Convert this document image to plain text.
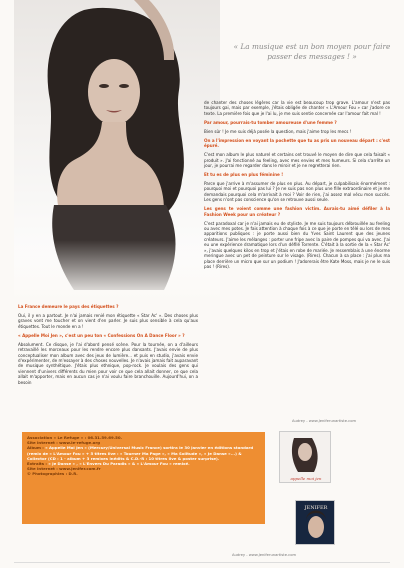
« La musique est un bon moyen pour faire passer des messages ! »

La France demeure le pays des étiquettes ?

Oui, il y en a partout. Je n'ai jamais renié mon étiquette « Star Ac' ». Des choses plus graves vont me toucher et on vient d'en parler. Je suis plus sensible à cela qu'aux étiquettes. Tout le monde en a !

« Appelle Moi Jen », c'est un peu ton « Confessions On A Dance Floor » ?

Absolument. Ce disque, je l'ai d'abord pensé scène. Pour la tournée, on a d'ailleurs retravaillé les morceaux pour les rendre encore plus dansants. J'avais envie de plus conceptualiser mon album avec des jeux de lumière... et puis en studio, j'avais envie d'expérimenter, de m'essayer à des choses nouvelles. Je n'avais jamais fait auparavant de musique synthétique. J'étais plus ethnique, pop-rock. Je voulais des gens qui viennent d'univers différents du mien pour voir ce que cela allait donner, ce que cela allait m'apporter, mais en aucun cas je n'ai voulu faire branchouille. Aujourd'hui, on a besoin

de chanter des choses légères car la vie est beaucoup trop grave. L'amour n'est pas toujours gai, mais par exemple, j'étais obligée de chanter « L'Amour Fou » car j'adore ce texte. La première fois que je l'ai lu, je me suis sentie concernée car l'amour fait mal !

Par amour, pourrais-tu tomber amoureuse d'une femme ?

Bien sûr ! Je me suis déjà posée la question, mais j'aime trop les mecs !

On a l'impression en voyant la pochette que tu as pris un nouveau départ : c'est épuré.

C'est mon album le plus naturel et certains ont trouvé le moyen de dire que cela faisait « produit ». J'ai fonctionné au feeling, avec mes envies et mes humeurs. Si cela s'arrête un jour, je pourrai me regarder dans le miroir et je ne regretterai rien.

Et tu es de plus en plus féminine !

Parce que j'arrive à m'assumer de plus en plus. Au départ, je culpabilisais énormément : pourquoi moi et pourquoi pas lui ? Je ne suis pas non plus une fille extraordinaire et je me demandais pourquoi cela m'arrivait à moi ? Voir de rien, j'ai assez mal vécu mon succès. Les gens n'ont pas conscience qu'on se retrouve aussi seule.

Les gens te voient comme une fashion victim. Aurais-tu aimé défiler à la Fashion Week pour un créateur ?

C'est paradoxal car je n'ai jamais eu de styliste. Je me suis toujours débrouillée au feeling ou avec mes potes. Je fais attention à chaque fois à ce que je porte en télé ou lors de mes apparitions publiques : je porte aussi bien du Yves Saint Laurent que des jeunes créateurs. J'aime les mélanges : porter une fripe avec la paire de pompes qui va avec. J'ai eu une expérience dramatique lors d'un défilé Torrente. C'était à la sortie de la « Star Ac' », j'avais quelques kilos en trop et j'étais en robe de mariée. Je ressemblais à une énorme meringue avec un pet de peinture sur le visage. (Rires). Chacun à sa place : j'ai plus ma place derrière un micro que sur un podium ! J'adorerais être Kate Moss, mais je ne le suis pas ! (Rires).

Association « Le Refuge » : 06.31.59.69.50.

Site Internet : www.le-refuge.org

Album : « Appelle Moi Jen » (Mercury/Universal Music France) sortira le 30 janvier en éditions standard (remix de « L'Amour Fou » + 5 titres live : « Tourner Ma Page », « Ma Solitude », « Je Danse »...) & Collector (CD : 1 - album + 3 remixes inédits & C.D.-R : 10 titres live & poster surprise).

Extraits : « Je Danse » , « L'Envers Du Paradis » & « L'Amour Fou » remixé.

Site Internet : www.jenifer.com.fr

© Photographies : D.R.

appelle moi jen
JENIFER
Audrey - www.Jeniferunartiste.com
Audrey - www.Jeniferunartiste.com
